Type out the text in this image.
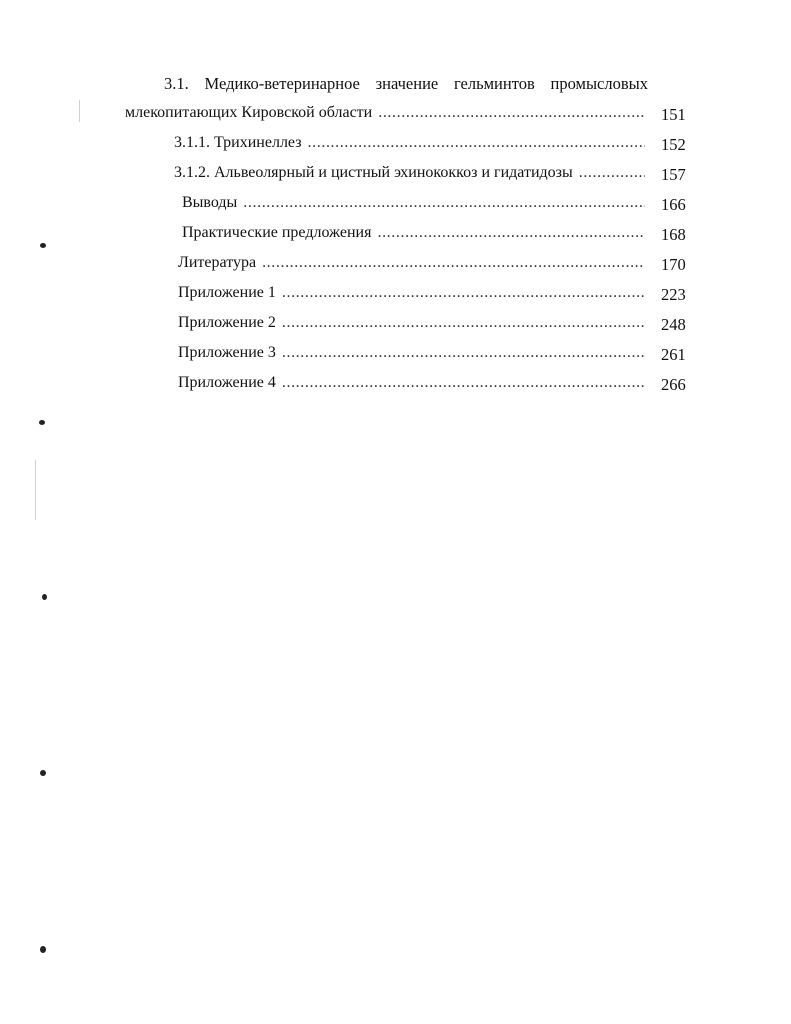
3.1. Медико-ветеринарное значение гельминтов промысловых
млекопитающих Кировской области .....	151
3.1.1. Трихинеллез .....	152
3.1.2. Альвеолярный и цистный эхинококкоз и гидатидозы .....	157
Выводы .....	166
Практические предложения .....	168
Литература .....	170
Приложение 1 .....	223
Приложение 2 .....	248
Приложение 3 .....	261
Приложение 4 .....	266
